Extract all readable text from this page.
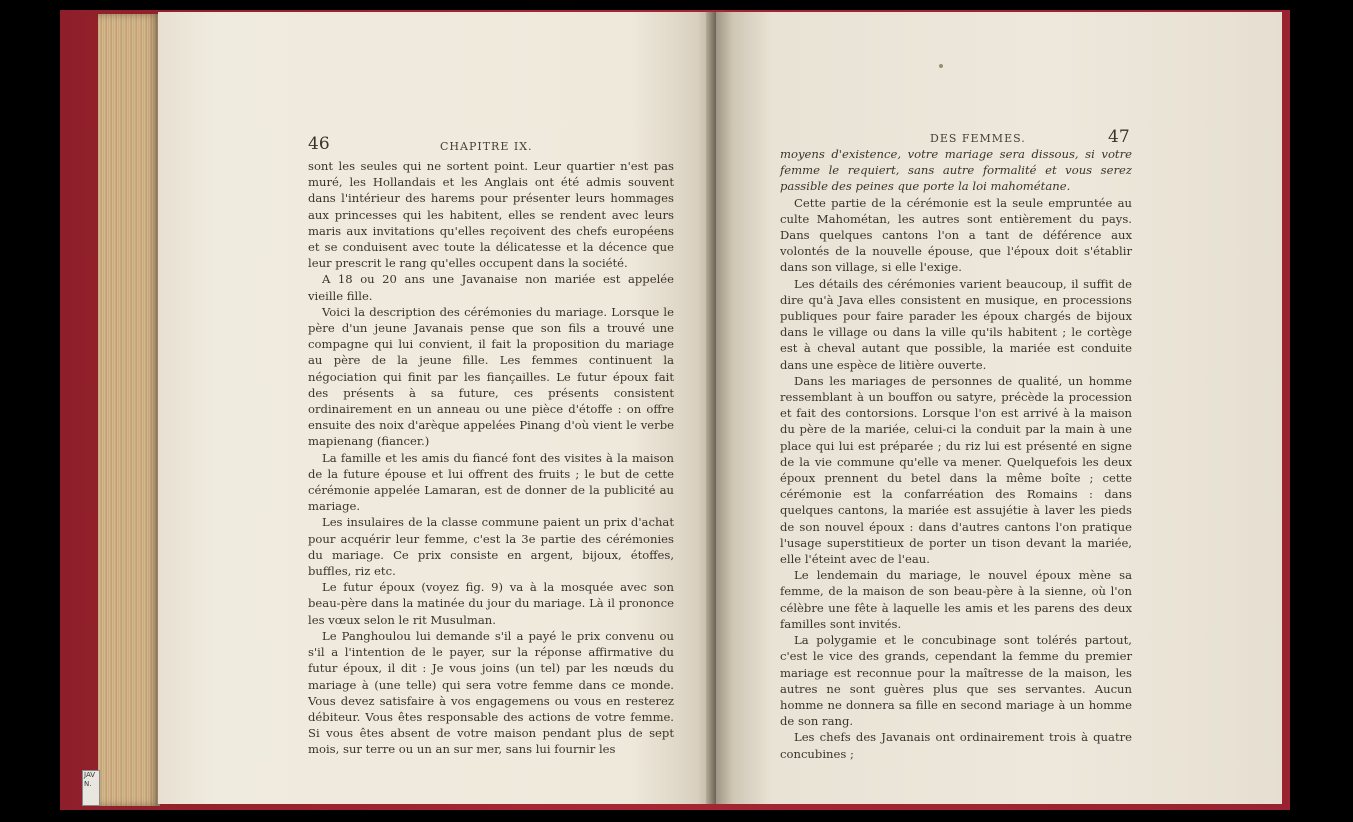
JAV N.
46	CHAPITRE IX.

sont les seules qui ne sortent point. Leur quartier n'est pas muré, les Hollandais et les Anglais ont été admis souvent dans l'intérieur des harems pour présenter leurs hommages aux princesses qui les habitent, elles se rendent avec leurs maris aux invitations qu'elles reçoivent des chefs européens et se conduisent avec toute la délicatesse et la décence que leur prescrit le rang qu'elles occupent dans la société.

A 18 ou 20 ans une Javanaise non mariée est appelée vieille fille.

Voici la description des cérémonies du mariage. Lorsque le père d'un jeune Javanais pense que son fils a trouvé une compagne qui lui convient, il fait la proposition du mariage au père de la jeune fille. Les femmes continuent la négociation qui finit par les fiançailles. Le futur époux fait des présents à sa future, ces présents consistent ordinairement en un anneau ou une pièce d'étoffe : on offre ensuite des noix d'arèque appelées Pinang d'où vient le verbe mapienang (fiancer.)

La famille et les amis du fiancé font des visites à la maison de la future épouse et lui offrent des fruits ; le but de cette cérémonie appelée Lamaran, est de donner de la publicité au mariage.

Les insulaires de la classe commune paient un prix d'achat pour acquérir leur femme, c'est la 3e partie des cérémonies du mariage. Ce prix consiste en argent, bijoux, étoffes, buffles, riz etc.

Le futur époux (voyez fig. 9) va à la mosquée avec son beau-père dans la matinée du jour du mariage. Là il prononce les vœux selon le rit Musulman.

Le Panghoulou lui demande s'il a payé le prix convenu ou s'il a l'intention de le payer, sur la réponse affirmative du futur époux, il dit : Je vous joins (un tel) par les nœuds du mariage à (une telle) qui sera votre femme dans ce monde. Vous devez satisfaire à vos engagemens ou vous en resterez débiteur. Vous êtes responsable des actions de votre femme. Si vous êtes absent de votre maison pendant plus de sept mois, sur terre ou un an sur mer, sans lui fournir les

DES FEMMES.	47

moyens d'existence, votre mariage sera dissous, si votre femme le requiert, sans autre formalité et vous serez passible des peines que porte la loi mahométane.

Cette partie de la cérémonie est la seule empruntée au culte Mahométan, les autres sont entièrement du pays. Dans quelques cantons l'on a tant de déférence aux volontés de la nouvelle épouse, que l'époux doit s'établir dans son village, si elle l'exige.

Les détails des cérémonies varient beaucoup, il suffit de dire qu'à Java elles consistent en musique, en processions publiques pour faire parader les époux chargés de bijoux dans le village ou dans la ville qu'ils habitent ; le cortège est à cheval autant que possible, la mariée est conduite dans une espèce de litière ouverte.

Dans les mariages de personnes de qualité, un homme ressemblant à un bouffon ou satyre, précède la procession et fait des contorsions. Lorsque l'on est arrivé à la maison du père de la mariée, celui-ci la conduit par la main à une place qui lui est préparée ; du riz lui est présenté en signe de la vie commune qu'elle va mener. Quelquefois les deux époux prennent du betel dans la même boîte ; cette cérémonie est la confarréation des Romains : dans quelques cantons, la mariée est assujétie à laver les pieds de son nouvel époux : dans d'autres cantons l'on pratique l'usage superstitieux de porter un tison devant la mariée, elle l'éteint avec de l'eau.

Le lendemain du mariage, le nouvel époux mène sa femme, de la maison de son beau-père à la sienne, où l'on célèbre une fête à laquelle les amis et les parens des deux familles sont invités.

La polygamie et le concubinage sont tolérés partout, c'est le vice des grands, cependant la femme du premier mariage est reconnue pour la maîtresse de la maison, les autres ne sont guères plus que ses servantes. Aucun homme ne donnera sa fille en second mariage à un homme de son rang.

Les chefs des Javanais ont ordinairement trois à quatre concubines ;
